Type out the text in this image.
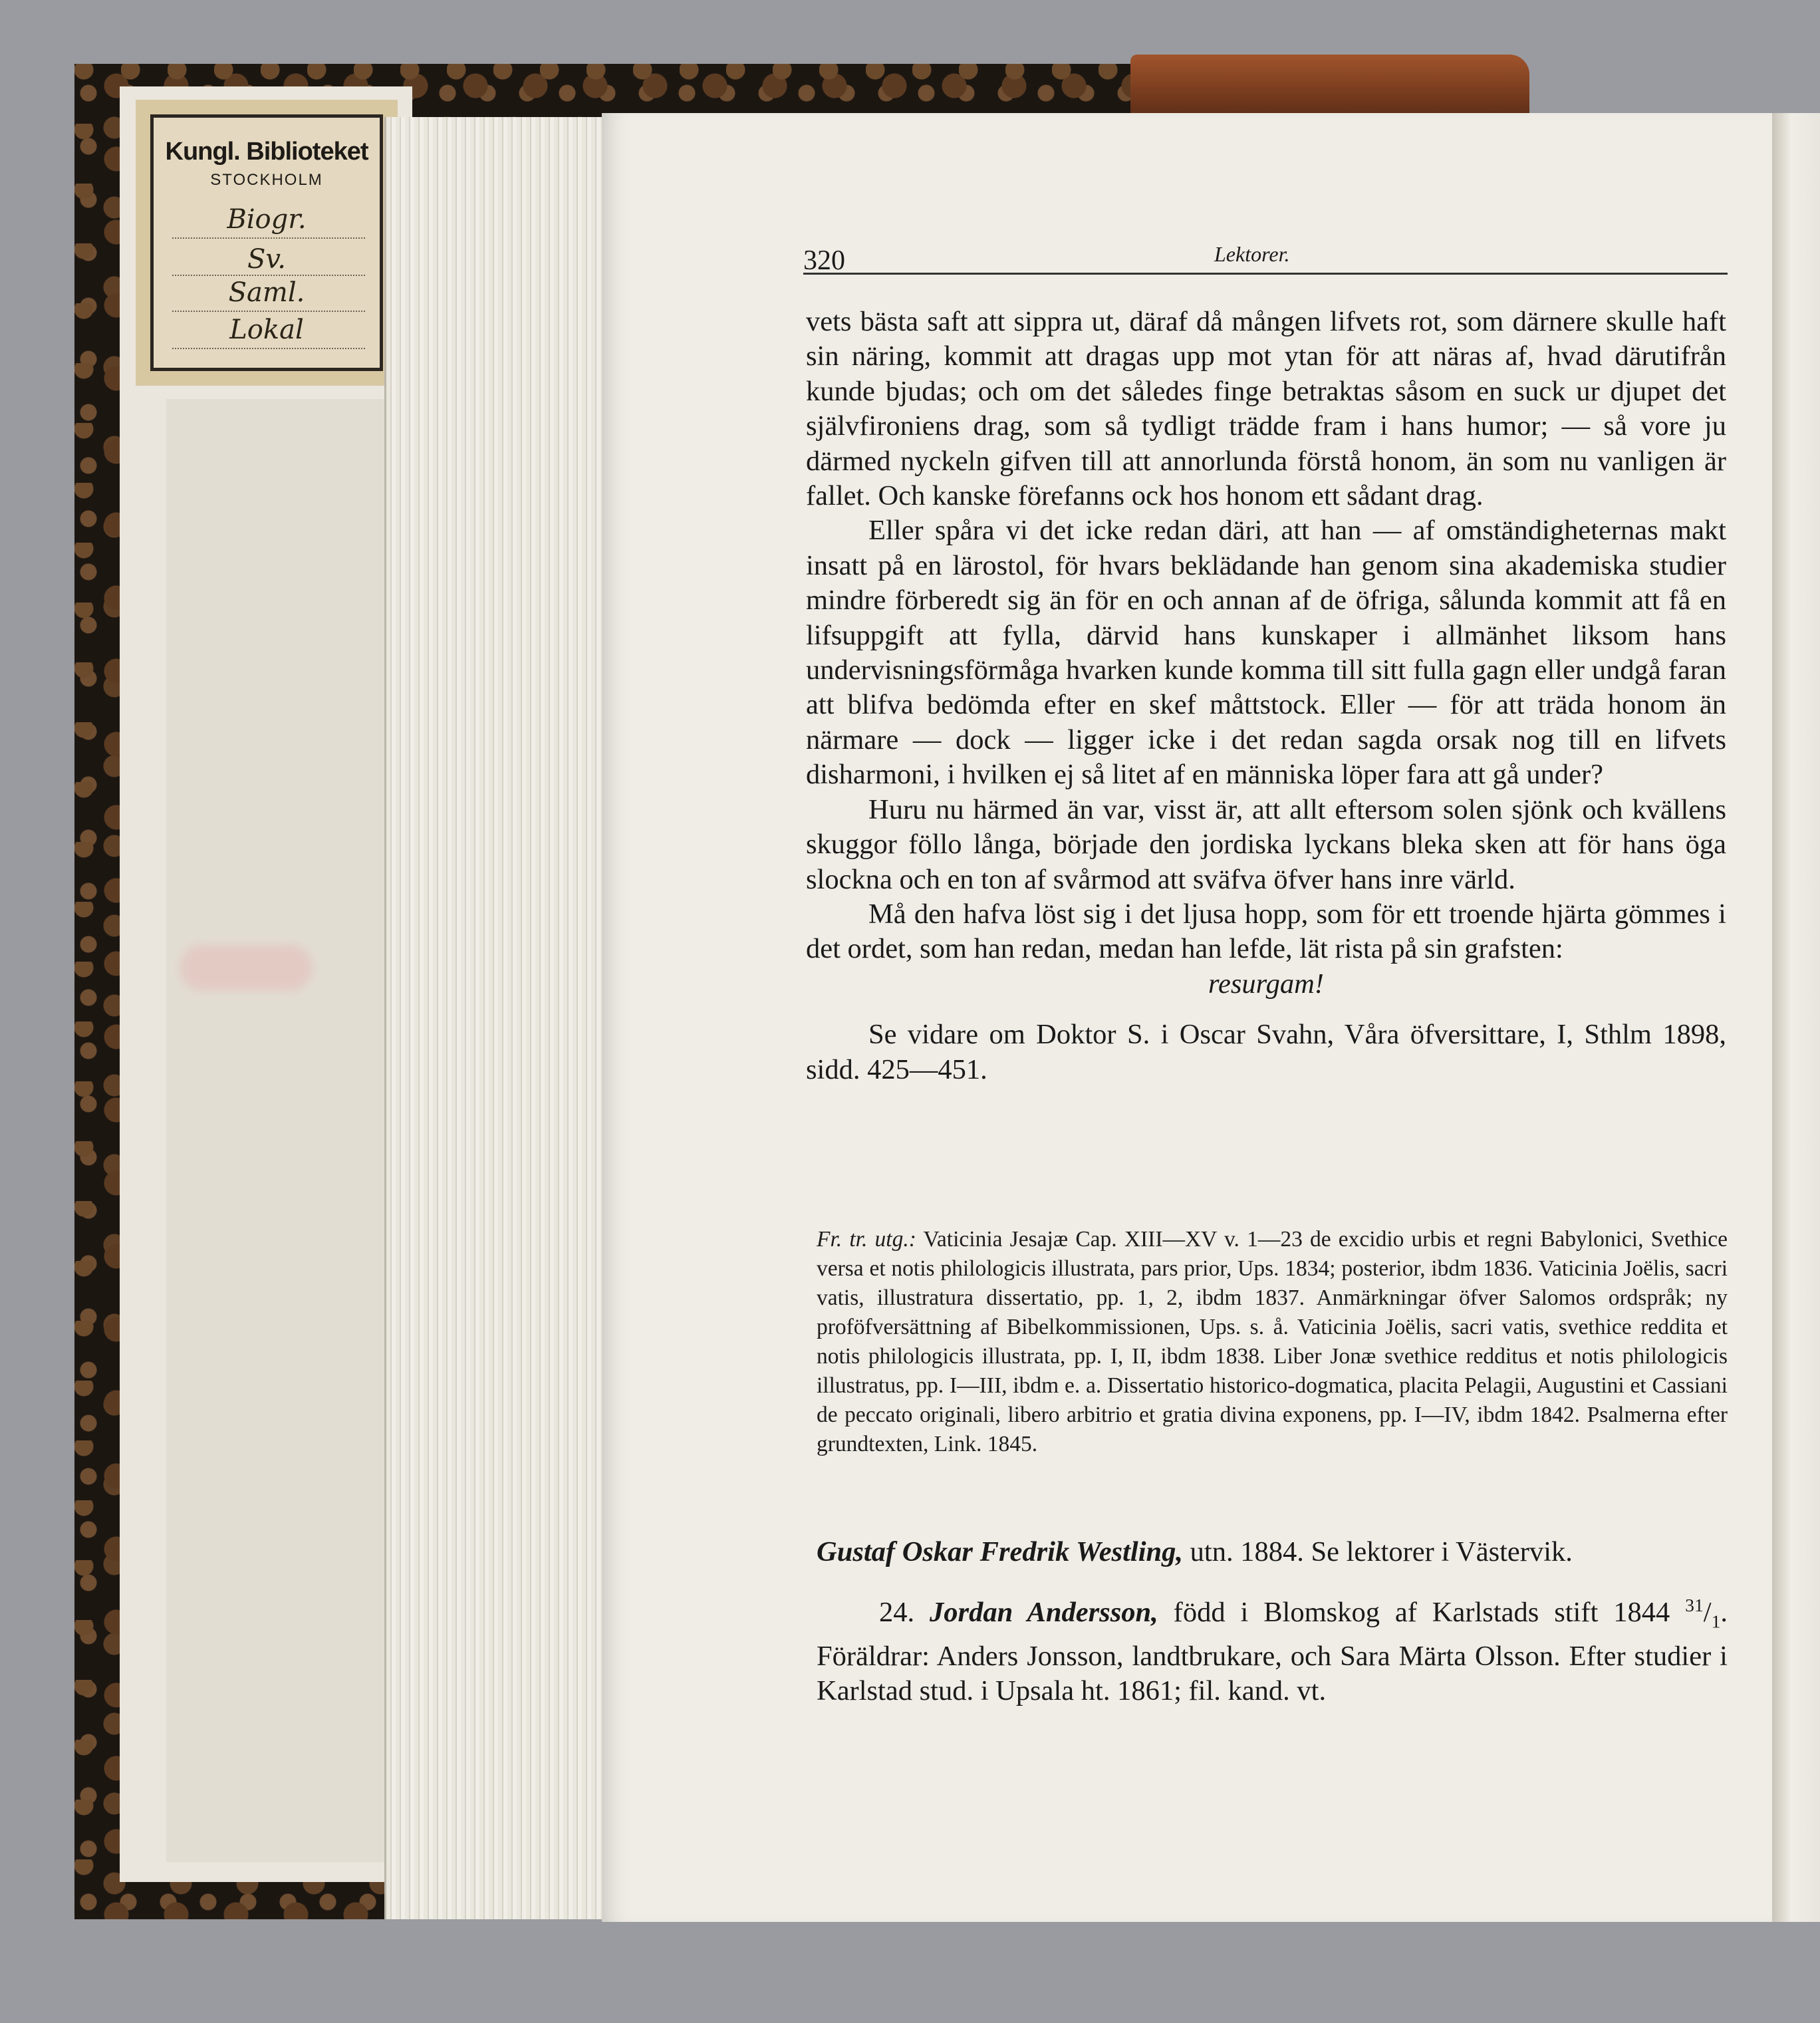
Kungl. Biblioteket
STOCKHOLM
Biogr.
Sv.
Saml.
Lokal
320	Lektorer.

vets bästa saft att sippra ut, däraf då mången lifvets rot, som därnere skulle haft sin näring, kommit att dragas upp mot ytan för att näras af, hvad därutifrån kunde bjudas; och om det således finge betraktas såsom en suck ur djupet det självfironiens drag, som så tydligt trädde fram i hans humor; — så vore ju därmed nyckeln gifven till att annorlunda förstå honom, än som nu vanligen är fallet. Och kanske förefanns ock hos honom ett sådant drag.

Eller spåra vi det icke redan däri, att han — af omständigheternas makt insatt på en lärostol, för hvars beklädande han genom sina akademiska studier mindre förberedt sig än för en och annan af de öfriga, sålunda kommit att få en lifsuppgift att fylla, därvid hans kunskaper i allmänhet liksom hans undervisningsförmåga hvarken kunde komma till sitt fulla gagn eller undgå faran att blifva bedömda efter en skef måttstock. Eller — för att träda honom än närmare — dock — ligger icke i det redan sagda orsak nog till en lifvets disharmoni, i hvilken ej så litet af en människa löper fara att gå under?

Huru nu härmed än var, visst är, att allt eftersom solen sjönk och kvällens skuggor föllo långa, började den jordiska lyckans bleka sken att för hans öga slockna och en ton af svårmod att sväfva öfver hans inre värld.

Må den hafva löst sig i det ljusa hopp, som för ett troende hjärta gömmes i det ordet, som han redan, medan han lefde, lät rista på sin grafsten:

resurgam!

Se vidare om Doktor S. i Oscar Svahn, Våra öfversittare, I, Sthlm 1898, sidd. 425—451.

Fr. tr. utg.: Vaticinia Jesajæ Cap. XIII—XV v. 1—23 de excidio urbis et regni Babylonici, Svethice versa et notis philologicis illustrata, pars prior, Ups. 1834; posterior, ibdm 1836. Vaticinia Joëlis, sacri vatis, illustratura dissertatio, pp. 1, 2, ibdm 1837. Anmärkningar öfver Salomos ordspråk; ny proföfversättning af Bibelkommissionen, Ups. s. å. Vaticinia Joëlis, sacri vatis, svethice reddita et notis philologicis illustrata, pp. I, II, ibdm 1838. Liber Jonæ svethice redditus et notis philologicis illustratus, pp. I—III, ibdm e. a. Dissertatio historico-dogmatica, placita Pelagii, Augustini et Cassiani de peccato originali, libero arbitrio et gratia divina exponens, pp. I—IV, ibdm 1842. Psalmerna efter grundtexten, Link. 1845.

Gustaf Oskar Fredrik Westling, utn. 1884. Se lektorer i Västervik.

24. Jordan Andersson, född i Blomskog af Karlstads stift 1844 $^{31}/_1$. Föräldrar: Anders Jonsson, landtbrukare, och Sara Märta Olsson. Efter studier i Karlstad stud. i Upsala ht. 1861; fil. kand. vt.
